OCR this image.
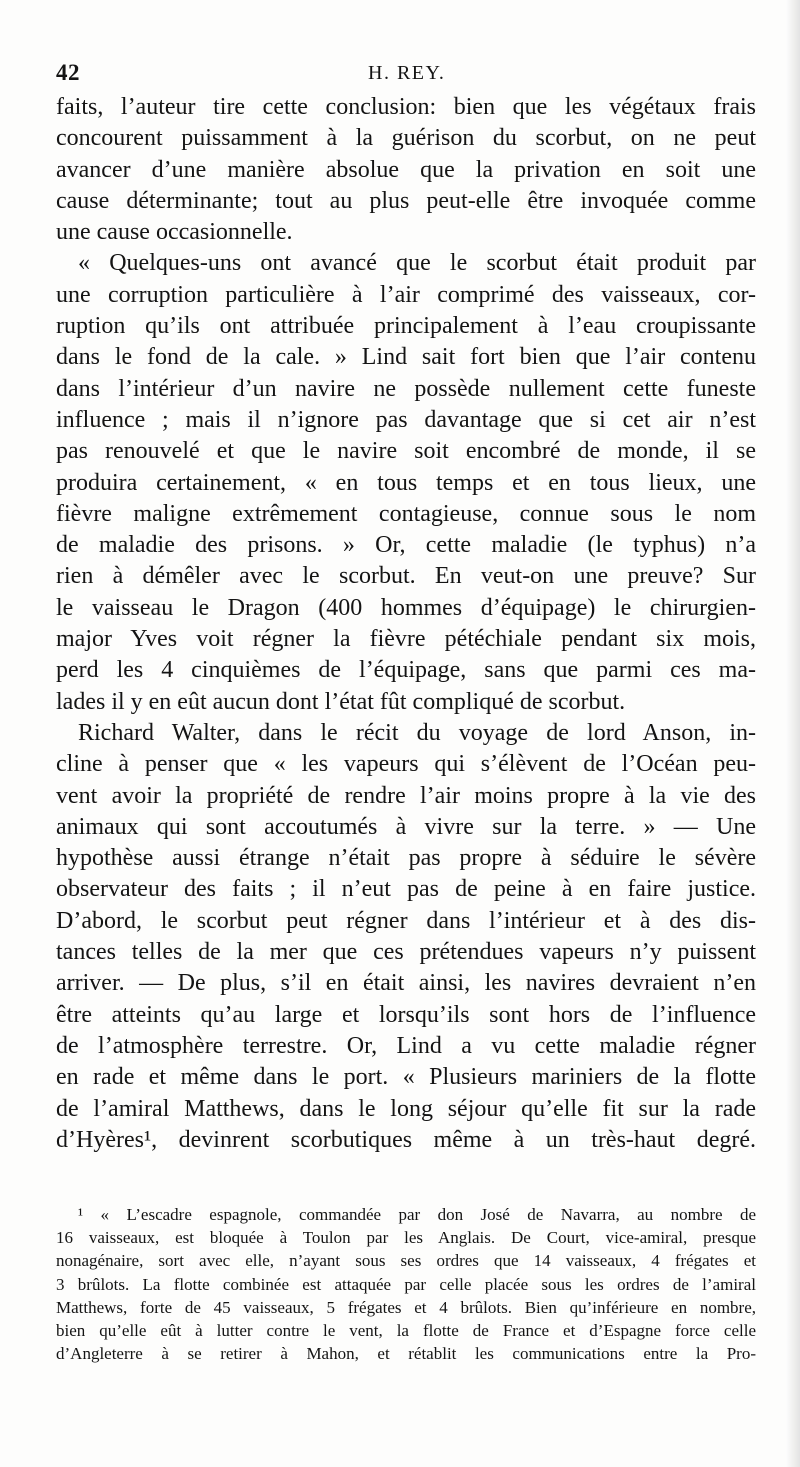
42	H. REY.
faits, l’auteur tire cette conclusion: bien que les végétaux frais
concourent puissamment à la guérison du scorbut, on ne peut
avancer d’une manière absolue que la privation en soit une
cause déterminante; tout au plus peut-elle être invoquée comme
une cause occasionnelle.
« Quelques-uns ont avancé que le scorbut était produit par
une corruption particulière à l’air comprimé des vaisseaux, cor-
ruption qu’ils ont attribuée principalement à l’eau croupissante
dans le fond de la cale. » Lind sait fort bien que l’air contenu
dans l’intérieur d’un navire ne possède nullement cette funeste
influence ; mais il n’ignore pas davantage que si cet air n’est
pas renouvelé et que le navire soit encombré de monde, il se
produira certainement, « en tous temps et en tous lieux, une
fièvre maligne extrêmement contagieuse, connue sous le nom
de maladie des prisons. » Or, cette maladie (le typhus) n’a
rien à démêler avec le scorbut. En veut-on une preuve? Sur
le vaisseau le Dragon (400 hommes d’équipage) le chirurgien-
major Yves voit régner la fièvre pétéchiale pendant six mois,
perd les 4 cinquièmes de l’équipage, sans que parmi ces ma-
lades il y en eût aucun dont l’état fût compliqué de scorbut.
Richard Walter, dans le récit du voyage de lord Anson, in-
cline à penser que « les vapeurs qui s’élèvent de l’Océan peu-
vent avoir la propriété de rendre l’air moins propre à la vie des
animaux qui sont accoutumés à vivre sur la terre. » — Une
hypothèse aussi étrange n’était pas propre à séduire le sévère
observateur des faits ; il n’eut pas de peine à en faire justice.
D’abord, le scorbut peut régner dans l’intérieur et à des dis-
tances telles de la mer que ces prétendues vapeurs n’y puissent
arriver. — De plus, s’il en était ainsi, les navires devraient n’en
être atteints qu’au large et lorsqu’ils sont hors de l’influence
de l’atmosphère terrestre. Or, Lind a vu cette maladie régner
en rade et même dans le port. « Plusieurs mariniers de la flotte
de l’amiral Matthews, dans le long séjour qu’elle fit sur la rade
d’Hyères¹, devinrent scorbutiques même à un très-haut degré.
¹ « L’escadre espagnole, commandée par don José de Navarra, au nombre de
16 vaisseaux, est bloquée à Toulon par les Anglais. De Court, vice-amiral, presque
nonagénaire, sort avec elle, n’ayant sous ses ordres que 14 vaisseaux, 4 frégates et
3 brûlots. La flotte combinée est attaquée par celle placée sous les ordres de l’amiral
Matthews, forte de 45 vaisseaux, 5 frégates et 4 brûlots. Bien qu’inférieure en nombre,
bien qu’elle eût à lutter contre le vent, la flotte de France et d’Espagne force celle
d’Angleterre à se retirer à Mahon, et rétablit les communications entre la Pro-
